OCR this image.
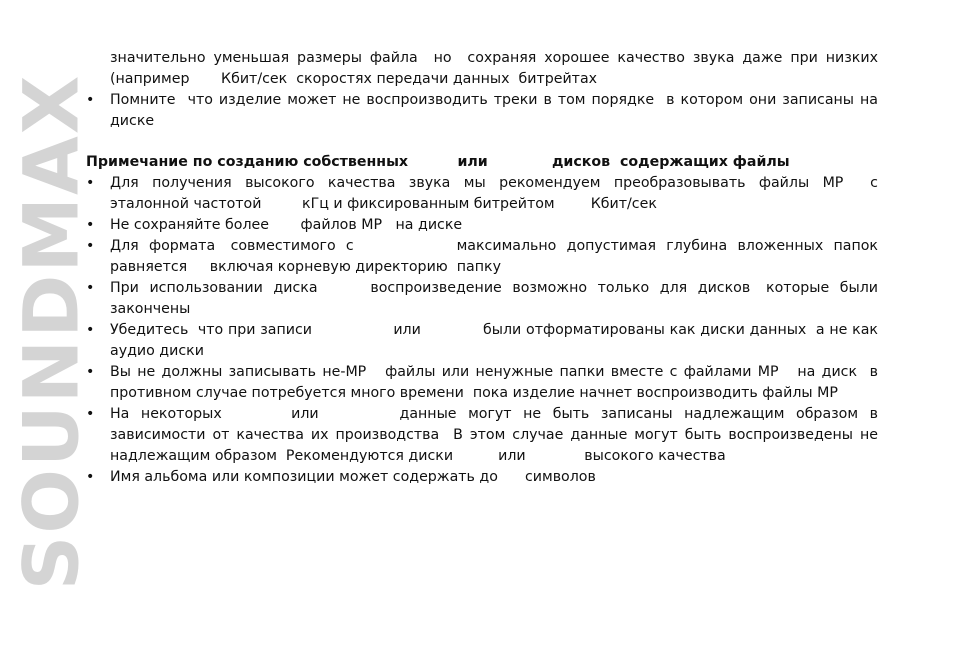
SOUNDMAX

значительно уменьшая размеры файла  но  сохраняя хорошее качество звука даже при низких (например       Кбит/сек  скоростях передачи данных  битрейтах

• Помните  что изделие может не воспроизводить треки в том порядке  в котором они записаны на диске
Примечание по созданию собственных          или             дисков  содержащих файлы
• Для  получения  высокого  качества  звука  мы  рекомендуем  преобразовывать  файлы  MP    с эталонной частотой         кГц и фиксированным битрейтом        Кбит/сек
• Не сохраняйте более       файлов MP   на диске
• Для  формата   совместимого  с                    максимально  допустимая  глубина  вложенных  папок равняется     включая корневую директорию  папку
• При  использовании  диска          воспроизведение  возможно  только  для  дисков   которые  были закончены
• Убедитесь  что при записи                 или             были отформатированы как диски данных  а не как аудио диски
• Вы не должны записывать не-MP   файлы или ненужные папки вместе с файлами MP   на диск  в противном случае потребуется много времени  пока изделие начнет воспроизводить файлы MP
• На  некоторых            или              данные  могут  не  быть  записаны  надлежащим  образом  в зависимости от качества их производства  В этом случае данные могут быть воспроизведены не надлежащим образом  Рекомендуются диски          или             высокого качества
• Имя альбома или композиции может содержать до      символов
